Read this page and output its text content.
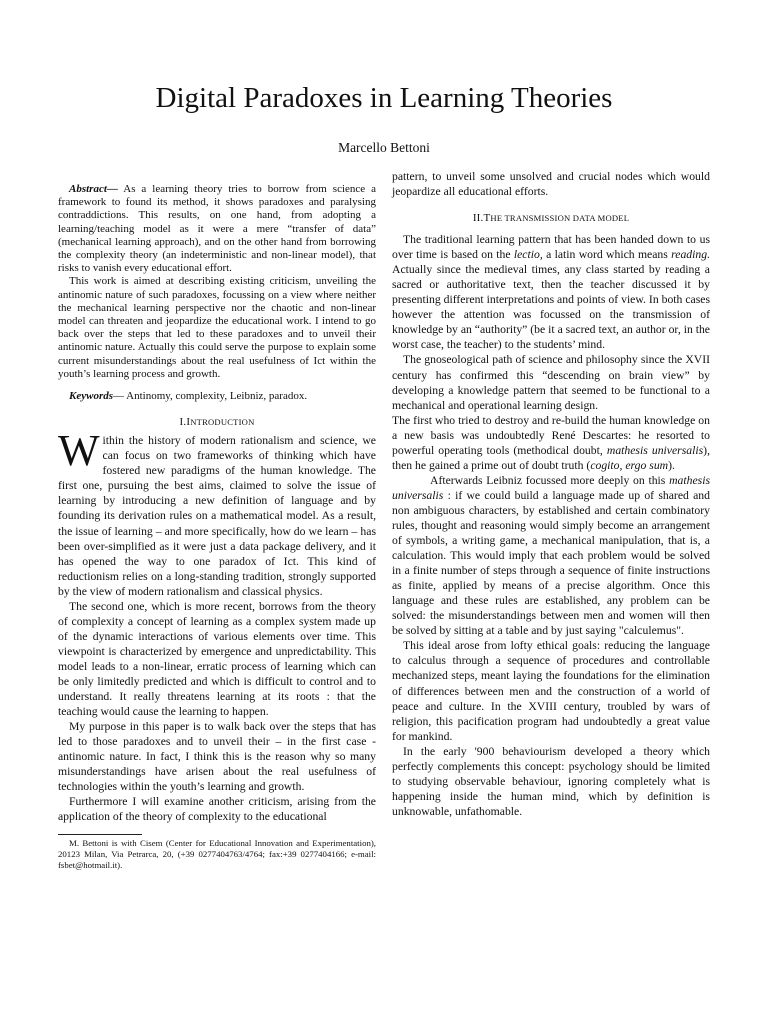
Digital Paradoxes in Learning Theories
Marcello Bettoni

Abstract— As a learning theory tries to borrow from science a framework to found its method, it shows paradoxes and paralysing contraddictions. This results, on one hand, from adopting a learning/teaching model as it were a mere “transfer of data” (mechanical learning approach), and on the other hand from borrowing the complexity theory (an indeterministic and non-linear model), that risks to vanish every educational effort.

This work is aimed at describing existing criticism, unveiling the antinomic nature of such paradoxes, focussing on a view where neither the mechanical learning perspective nor the chaotic and non-linear model can threaten and jeopardize the educational work. I intend to go back over the steps that led to these paradoxes and to unveil their antinomic nature. Actually this could serve the purpose to explain some current misunderstandings about the real usefulness of Ict within the youth’s learning process and growth.

Keywords— Antinomy, complexity, Leibniz, paradox.

I.INTRODUCTION

Within the history of modern rationalism and science, we can focus on two frameworks of thinking which have fostered new paradigms of the human knowledge. The first one, pursuing the best aims, claimed to solve the issue of learning by introducing a new definition of language and by founding its derivation rules on a mathematical model. As a result, the issue of learning – and more specifically, how do we learn – has been over-simplified as it were just a data package delivery, and it has opened the way to one paradox of Ict. This kind of reductionism relies on a long-standing tradition, strongly supported by the view of modern rationalism and classical physics.

The second one, which is more recent, borrows from the theory of complexity a concept of learning as a complex system made up of the dynamic interactions of various elements over time. This viewpoint is characterized by emergence and unpredictability. This model leads to a non-linear, erratic process of learning which can be only limitedly predicted and which is difficult to control and to understand. It really threatens learning at its roots : that the teaching would cause the learning to happen.

My purpose in this paper is to walk back over the steps that has led to those paradoxes and to unveil their – in the first case - antinomic nature. In fact, I think this is the reason why so many misunderstandings have arisen about the real usefulness of technologies within the youth’s learning and growth.

Furthermore I will examine another criticism, arising from the application of the theory of complexity to the educational

M. Bettoni is with Cisem (Center for Educational Innovation and Experimentation), 20123 Milan, Via Petrarca, 20, (+39 0277404763/4764; fax:+39 0277404166; e-mail: fsbet@hotmail.it).

pattern, to unveil some unsolved and crucial nodes which would jeopardize all educational efforts.

II.THE TRANSMISSION DATA MODEL

The traditional learning pattern that has been handed down to us over time is based on the lectio, a latin word which means reading. Actually since the medieval times, any class started by reading a sacred or authoritative text, then the teacher discussed it by presenting different interpretations and points of view. In both cases however the attention was focussed on the transmission of knowledge by an “authority” (be it a sacred text, an author or, in the worst case, the teacher) to the students’ mind.

The gnoseological path of science and philosophy since the XVII century has confirmed this “descending on brain view” by developing a knowledge pattern that seemed to be functional to a mechanical and operational learning design.

The first who tried to destroy and re-build the human knowledge on a new basis was undoubtedly René Descartes: he resorted to powerful operating tools (methodical doubt, mathesis universalis), then he gained a prime out of doubt truth (cogito, ergo sum).

Afterwards Leibniz focussed more deeply on this mathesis universalis : if we could build a language made up of shared and non ambiguous characters, by established and certain combinatory rules, thought and reasoning would simply become an arrangement of symbols, a writing game, a mechanical manipulation, that is, a calculation. This would imply that each problem would be solved in a finite number of steps through a sequence of finite instructions as finite, applied by means of a precise algorithm. Once this language and these rules are established, any problem can be solved: the misunderstandings between men and women will then be solved by sitting at a table and by just saying "calculemus".

This ideal arose from lofty ethical goals: reducing the language to calculus through a sequence of procedures and controllable mechanized steps, meant laying the foundations for the elimination of differences between men and the construction of a world of peace and culture. In the XVIII century, troubled by wars of religion, this pacification program had undoubtedly a great value for mankind.

In the early '900 behaviourism developed a theory which perfectly complements this concept: psychology should be limited to studying observable behaviour, ignoring completely what is happening inside the human mind, which by definition is unknowable, unfathomable.
